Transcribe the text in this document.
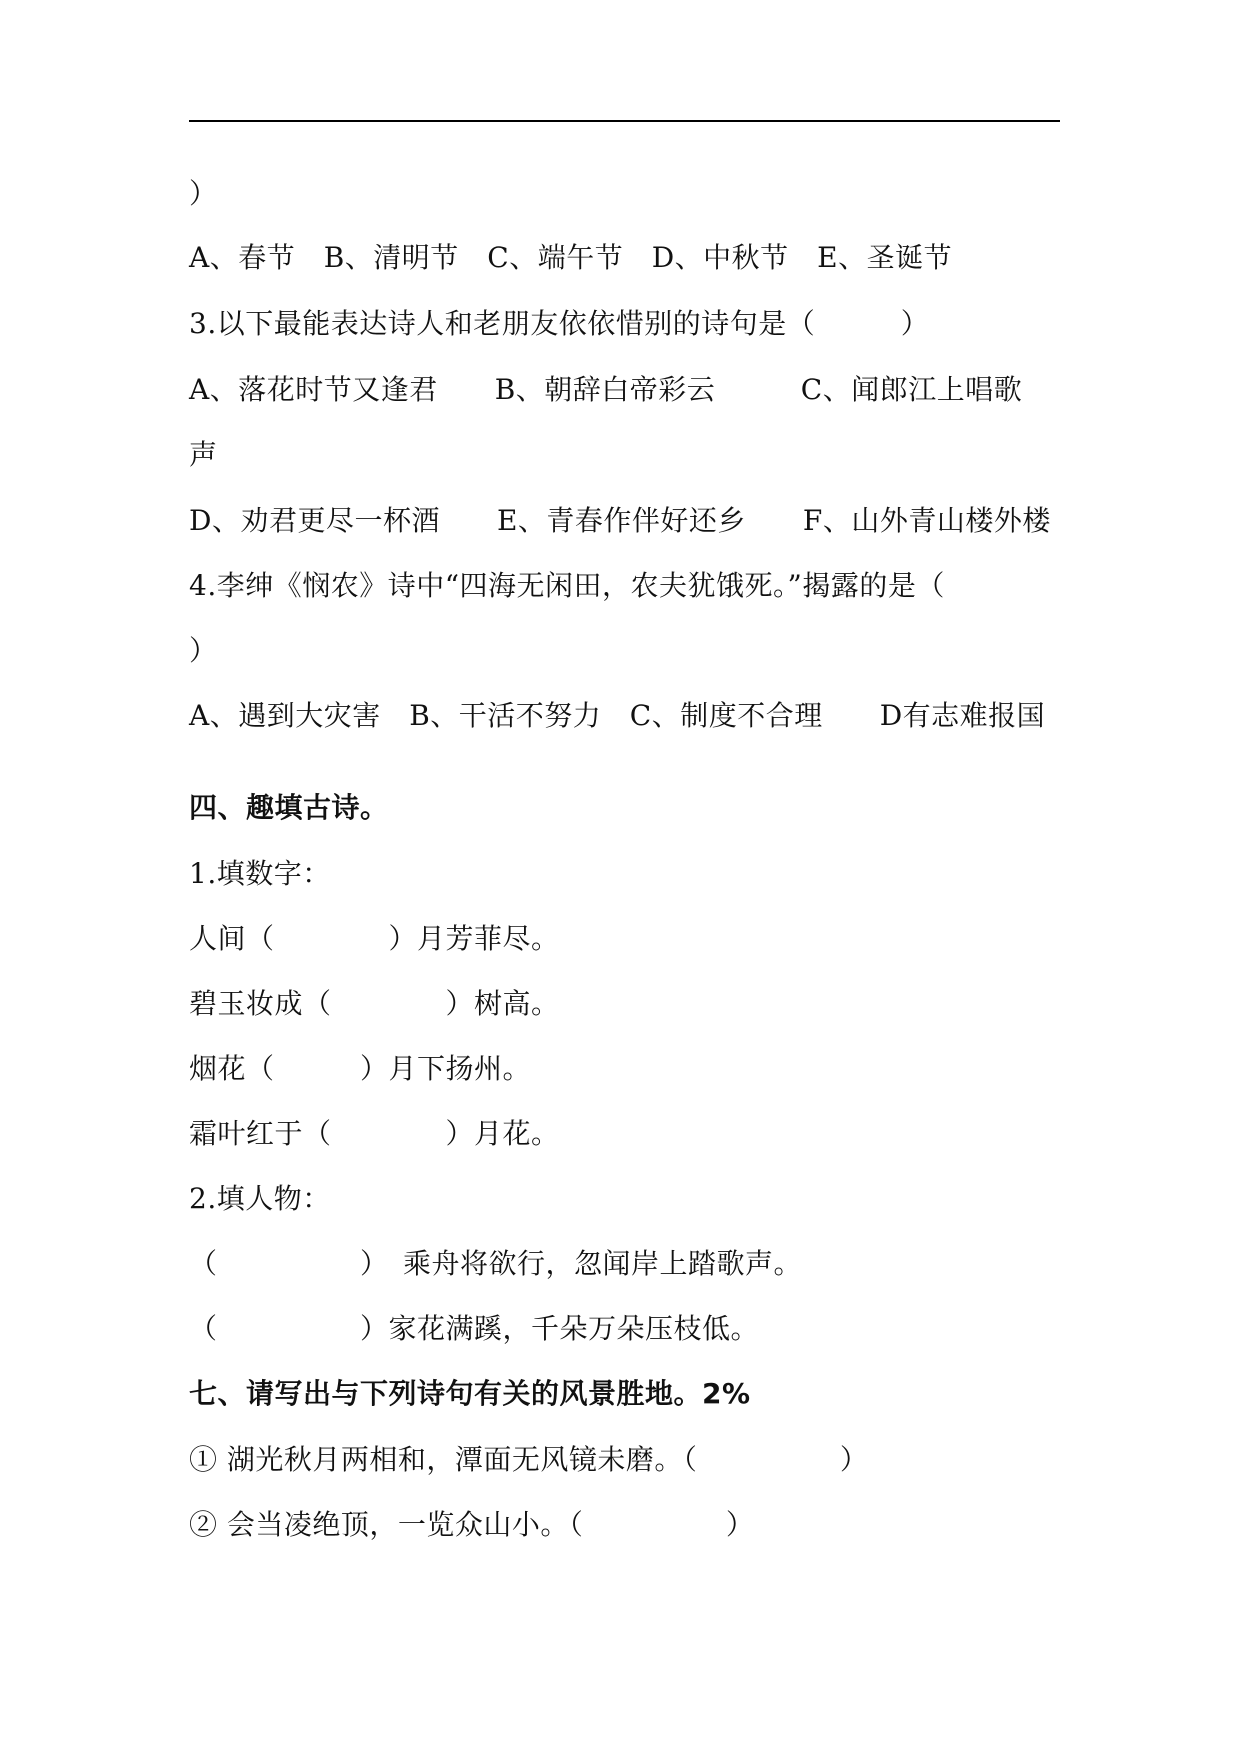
）
A、春节　B、清明节　C、端午节　D、中秋节　E、圣诞节
3.以下最能表达诗人和老朋友依依惜别的诗句是（　　　）
A、落花时节又逢君　　B、朝辞白帝彩云　　　C、闻郎江上唱歌
声
D、劝君更尽一杯酒　　E、青春作伴好还乡　　F、山外青山楼外楼
4.李绅《悯农》诗中“四海无闲田，农夫犹饿死。”揭露的是（
）
A、遇到大灾害　B、干活不努力　C、制度不合理　　D有志难报国
四、趣填古诗。
1.填数字：
人间（　　　　）月芳菲尽。
碧玉妆成（　　　　）树高。
烟花（　　　）月下扬州。
霜叶红于（　　　　）月花。
2.填人物：
（　　　　　）　乘舟将欲行，忽闻岸上踏歌声。
（　　　　　）家花满蹊，千朵万朵压枝低。
七、请写出与下列诗句有关的风景胜地。2%
① 湖光秋月两相和，潭面无风镜未磨。（　　　　　）
② 会当凌绝顶，一览众山小。（　　　　　）
